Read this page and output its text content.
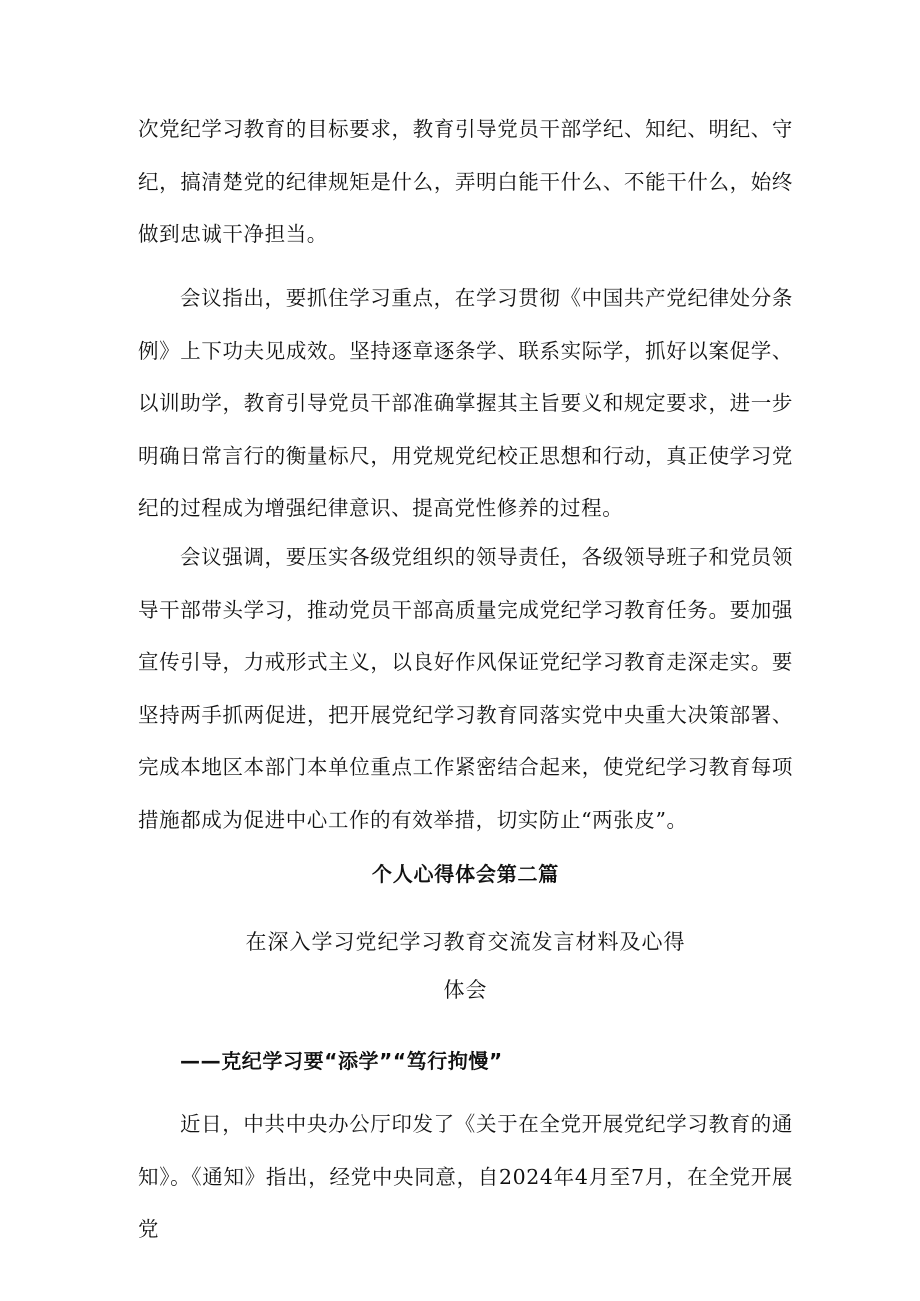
次党纪学习教育的目标要求，教育引导党员干部学纪、知纪、明纪、守纪，搞清楚党的纪律规矩是什么，弄明白能干什么、不能干什么，始终做到忠诚干净担当。

会议指出，要抓住学习重点，在学习贯彻《中国共产党纪律处分条例》上下功夫见成效。坚持逐章逐条学、联系实际学，抓好以案促学、以训助学，教育引导党员干部准确掌握其主旨要义和规定要求，进一步明确日常言行的衡量标尺，用党规党纪校正思想和行动，真正使学习党纪的过程成为增强纪律意识、提高党性修养的过程。

会议强调，要压实各级党组织的领导责任，各级领导班子和党员领导干部带头学习，推动党员干部高质量完成党纪学习教育任务。要加强宣传引导，力戒形式主义，以良好作风保证党纪学习教育走深走实。要坚持两手抓两促进，把开展党纪学习教育同落实党中央重大决策部署、完成本地区本部门本单位重点工作紧密结合起来，使党纪学习教育每项措施都成为促进中心工作的有效举措，切实防止“两张皮”。

个人心得体会第二篇

在深入学习党纪学习教育交流发言材料及心得

体会

——克纪学习要“添学”“笃行拘慢”

近日，中共中央办公厅印发了《关于在全党开展党纪学习教育的通知》。《通知》指出，经党中央同意，自2024年4月至7月，在全党开展党
